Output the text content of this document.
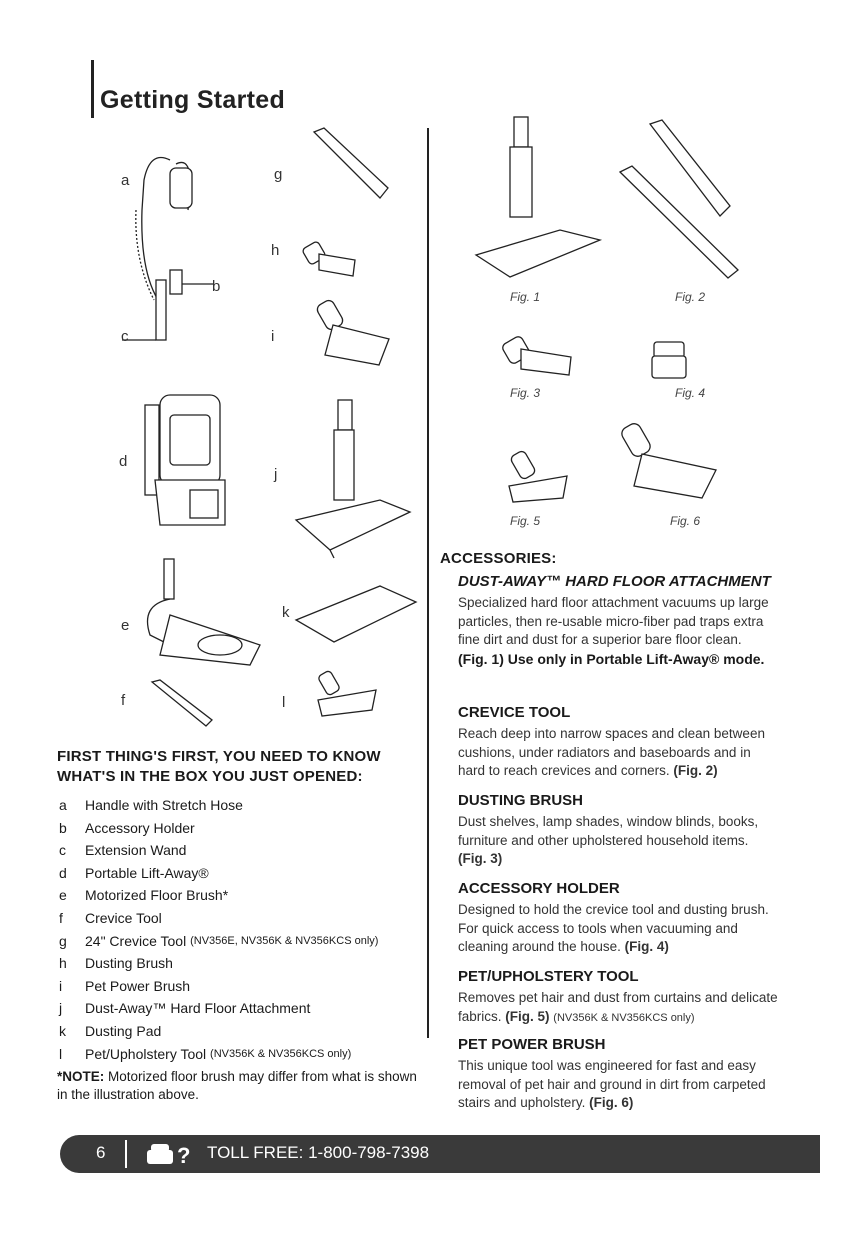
Getting Started
a
b
c
d
e
f
g
h
i
j
k
l
FIRST THING'S FIRST, YOU NEED TO KNOW WHAT'S IN THE BOX YOU JUST OPENED:
a	Handle with Stretch Hose
b	Accessory Holder
c	Extension Wand
d	Portable Lift-Away®
e	Motorized Floor Brush*
f	Crevice Tool
g	24" Crevice Tool
(NV356E, NV356K & NV356KCS only)
h	Dusting Brush
i	Pet Power Brush
j	Dust-Away™ Hard Floor Attachment
k	Dusting Pad
l	Pet/Upholstery Tool
(NV356K & NV356KCS only)
*NOTE: Motorized floor brush may differ from what is shown in the illustration above.
Fig. 1	Fig. 2
Fig. 3	Fig. 4
Fig. 5	Fig. 6
ACCESSORIES:
DUST-AWAY™ HARD FLOOR ATTACHMENT
Specialized hard floor attachment vacuums up large particles, then re-usable micro-fiber pad traps extra fine dirt and dust for a superior bare floor clean.
(Fig. 1) Use only in Portable Lift-Away® mode.
CREVICE TOOL
Reach deep into narrow spaces and clean between cushions, under radiators and baseboards and in hard to reach crevices and corners. (Fig. 2)
DUSTING BRUSH
Dust shelves, lamp shades, window blinds, books, furniture and other upholstered household items. (Fig. 3)
ACCESSORY HOLDER
Designed to hold the crevice tool and dusting brush. For quick access to tools when vacuuming and cleaning around the house. (Fig. 4)
PET/UPHOLSTERY TOOL
Removes pet hair and dust from curtains and delicate fabrics. (Fig. 5) (NV356K & NV356KCS only)
PET POWER BRUSH
This unique tool was engineered for fast and easy removal of pet hair and ground in dirt from carpeted stairs and upholstery. (Fig. 6)
6	? TOLL FREE: 1-800-798-7398
